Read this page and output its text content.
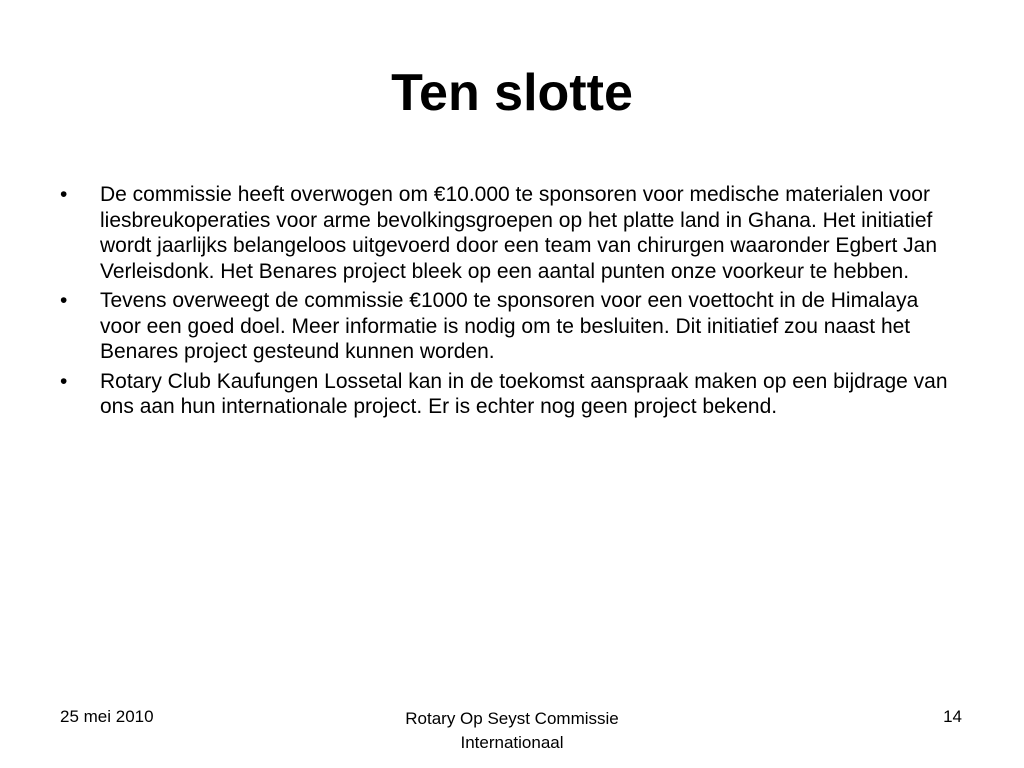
Ten slotte
•	De commissie heeft overwogen om €10.000 te sponsoren voor medische materialen voor liesbreukoperaties voor arme bevolkingsgroepen op het platte land in Ghana. Het initiatief wordt jaarlijks belangeloos uitgevoerd door een team van chirurgen waaronder Egbert Jan Verleisdonk. Het Benares project bleek op een aantal punten onze voorkeur te hebben.
•	Tevens overweegt de commissie €1000 te sponsoren voor een voettocht in de Himalaya voor een goed doel. Meer informatie is nodig om te besluiten. Dit initiatief zou naast het Benares project gesteund kunnen worden.
•	Rotary Club Kaufungen Lossetal kan in de toekomst aanspraak maken op een bijdrage van ons aan hun internationale project. Er is echter nog geen project bekend.
25 mei 2010	Rotary Op Seyst Commissie
Internationaal
14
